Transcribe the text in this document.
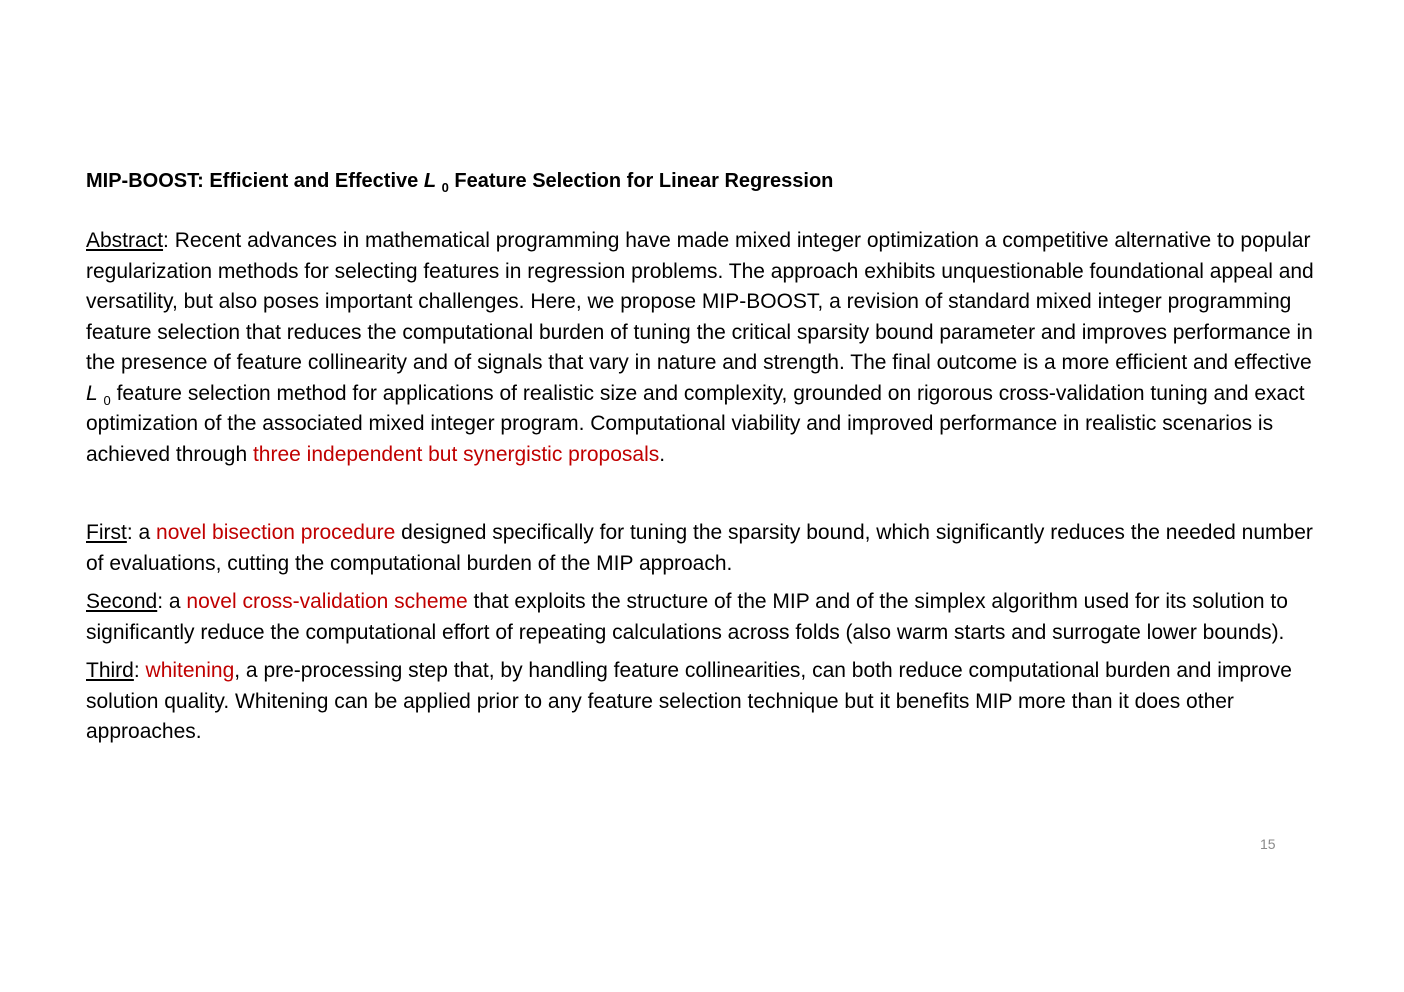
MIP-BOOST: Efficient and Effective L $_0$ Feature Selection for Linear Regression

Abstract: Recent advances in mathematical programming have made mixed integer optimization a competitive alternative to popular regularization methods for selecting features in regression problems. The approach exhibits unquestionable foundational appeal and versatility, but also poses important challenges. Here, we propose MIP-BOOST, a revision of standard mixed integer programming feature selection that reduces the computational burden of tuning the critical sparsity bound parameter and improves performance in the presence of feature collinearity and of signals that vary in nature and strength. The final outcome is a more efficient and effective L $_0$ feature selection method for applications of realistic size and complexity, grounded on rigorous cross-validation tuning and exact optimization of the associated mixed integer program. Computational viability and improved performance in realistic scenarios is achieved through three independent but synergistic proposals.

First: a novel bisection procedure designed specifically for tuning the sparsity bound, which significantly reduces the needed number of evaluations, cutting the computational burden of the MIP approach.

Second: a novel cross-validation scheme that exploits the structure of the MIP and of the simplex algorithm used for its solution to significantly reduce the computational effort of repeating calculations across folds (also warm starts and surrogate lower bounds).

Third: whitening, a pre-processing step that, by handling feature collinearities, can both reduce computational burden and improve solution quality. Whitening can be applied prior to any feature selection technique but it benefits MIP more than it does other approaches.

15
